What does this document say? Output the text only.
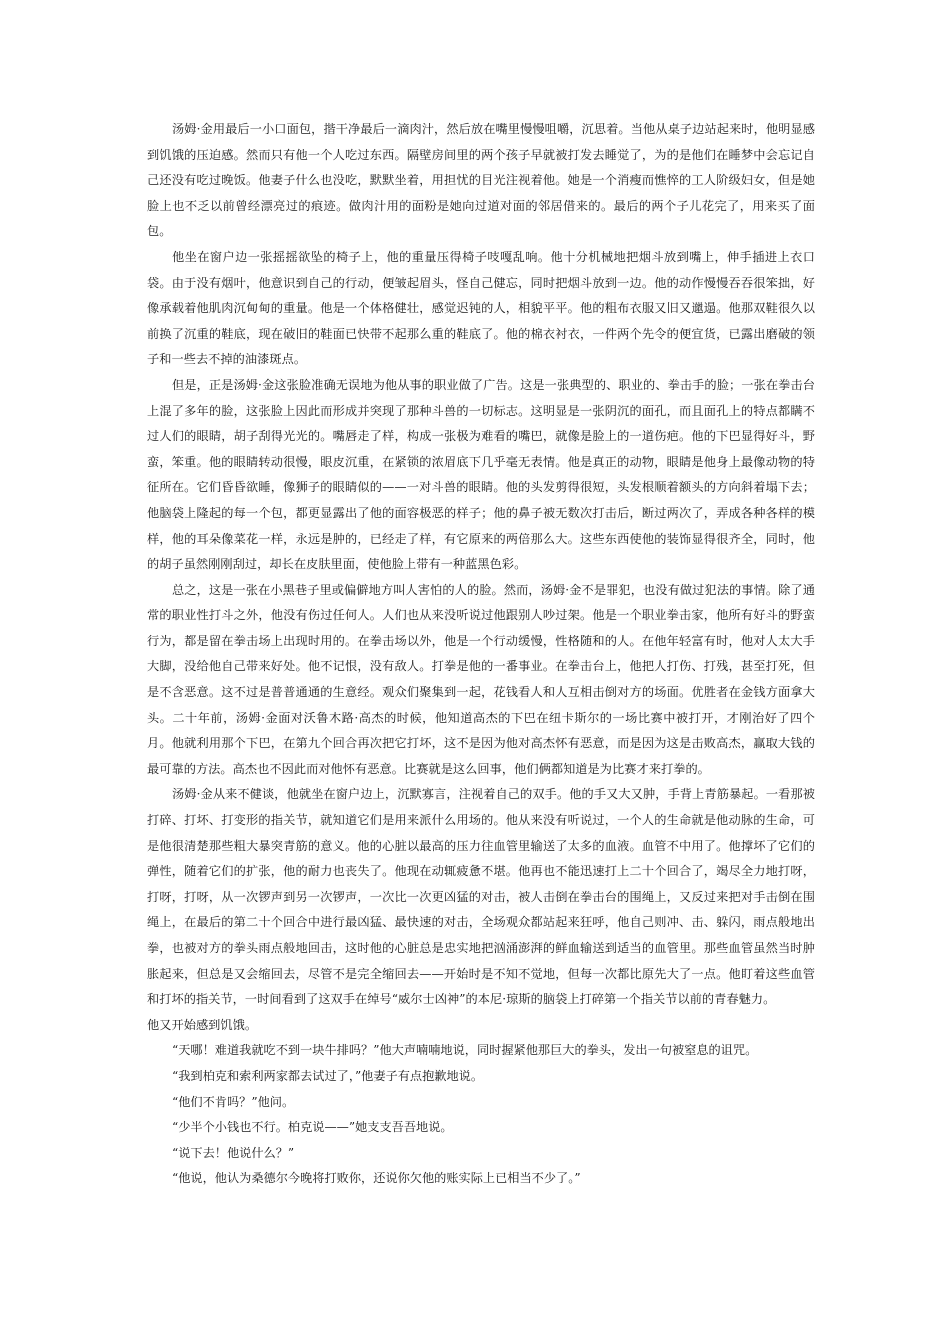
汤姆·金用最后一小口面包，揩干净最后一滴肉汁，然后放在嘴里慢慢咀嚼，沉思着。当他从桌子边站起来时，他明显感到饥饿的压迫感。然而只有他一个人吃过东西。隔壁房间里的两个孩子早就被打发去睡觉了，为的是他们在睡梦中会忘记自己还没有吃过晚饭。他妻子什么也没吃，默默坐着，用担忧的目光注视着他。她是一个消瘦而憔悴的工人阶级妇女，但是她脸上也不乏以前曾经漂亮过的痕迹。做肉汁用的面粉是她向过道对面的邻居借来的。最后的两个子儿花完了，用来买了面包。

他坐在窗户边一张摇摇欲坠的椅子上，他的重量压得椅子吱嘎乱响。他十分机械地把烟斗放到嘴上，伸手插进上衣口袋。由于没有烟叶，他意识到自己的行动，便皱起眉头，怪自己健忘，同时把烟斗放到一边。他的动作慢慢吞吞很笨拙，好像承载着他肌肉沉甸甸的重量。他是一个体格健壮，感觉迟钝的人，相貌平平。他的粗布衣服又旧又邋遢。他那双鞋很久以前换了沉重的鞋底，现在破旧的鞋面已快带不起那么重的鞋底了。他的棉衣衬衣，一件两个先令的便宜货，已露出磨破的领子和一些去不掉的油漆斑点。

但是，正是汤姆·金这张脸准确无误地为他从事的职业做了广告。这是一张典型的、职业的、拳击手的脸；一张在拳击台上混了多年的脸，这张脸上因此而形成并突现了那种斗兽的一切标志。这明显是一张阴沉的面孔，而且面孔上的特点都瞒不过人们的眼睛，胡子刮得光光的。嘴唇走了样，构成一张极为难看的嘴巴，就像是脸上的一道伤疤。他的下巴显得好斗，野蛮，笨重。他的眼睛转动很慢，眼皮沉重，在紧锁的浓眉底下几乎毫无表情。他是真正的动物，眼睛是他身上最像动物的特征所在。它们昏昏欲睡，像狮子的眼睛似的——一对斗兽的眼睛。他的头发剪得很短，头发根顺着额头的方向斜着塌下去；他脑袋上隆起的每一个包，都更显露出了他的面容极恶的样子；他的鼻子被无数次打击后，断过两次了，弄成各种各样的模样，他的耳朵像菜花一样，永远是肿的，已经走了样，有它原来的两倍那么大。这些东西使他的装饰显得很齐全，同时，他的胡子虽然刚刚刮过，却长在皮肤里面，使他脸上带有一种蓝黑色彩。

总之，这是一张在小黑巷子里或偏僻地方叫人害怕的人的脸。然而，汤姆·金不是罪犯，也没有做过犯法的事情。除了通常的职业性打斗之外，他没有伤过任何人。人们也从来没听说过他跟别人吵过架。他是一个职业拳击家，他所有好斗的野蛮行为，都是留在拳击场上出现时用的。在拳击场以外，他是一个行动缓慢，性格随和的人。在他年轻富有时，他对人太大手大脚，没给他自己带来好处。他不记恨，没有敌人。打拳是他的一番事业。在拳击台上，他把人打伤、打残，甚至打死，但是不含恶意。这不过是普普通通的生意经。观众们聚集到一起，花钱看人和人互相击倒对方的场面。优胜者在金钱方面拿大头。二十年前，汤姆·金面对沃鲁木路·高杰的时候，他知道高杰的下巴在纽卡斯尔的一场比赛中被打开，才刚治好了四个月。他就利用那个下巴，在第九个回合再次把它打坏，这不是因为他对高杰怀有恶意，而是因为这是击败高杰，赢取大钱的最可靠的方法。高杰也不因此而对他怀有恶意。比赛就是这么回事，他们俩都知道是为比赛才来打拳的。

汤姆·金从来不健谈，他就坐在窗户边上，沉默寡言，注视着自己的双手。他的手又大又肿，手背上青筋暴起。一看那被打碎、打坏、打变形的指关节，就知道它们是用来派什么用场的。他从来没有听说过，一个人的生命就是他动脉的生命，可是他很清楚那些粗大暴突青筋的意义。他的心脏以最高的压力往血管里输送了太多的血液。血管不中用了。他撑坏了它们的弹性，随着它们的扩张，他的耐力也丧失了。他现在动辄疲惫不堪。他再也不能迅速打上二十个回合了，竭尽全力地打呀，打呀，打呀，从一次锣声到另一次锣声，一次比一次更凶猛的对击，被人击倒在拳击台的围绳上，又反过来把对手击倒在围绳上，在最后的第二十个回合中进行最凶猛、最快速的对击，全场观众都站起来狂呼，他自己则冲、击、躲闪，雨点般地出拳，也被对方的拳头雨点般地回击，这时他的心脏总是忠实地把汹涌澎湃的鲜血输送到适当的血管里。那些血管虽然当时肿胀起来，但总是又会缩回去，尽管不是完全缩回去——开始时是不知不觉地，但每一次都比原先大了一点。他盯着这些血管和打坏的指关节，一时间看到了这双手在绰号“威尔士凶神”的本尼·琼斯的脑袋上打碎第一个指关节以前的青春魅力。

他又开始感到饥饿。

“天哪！难道我就吃不到一块牛排吗？”他大声喃喃地说，同时握紧他那巨大的拳头，发出一句被窒息的诅咒。

“我到柏克和索利两家都去试过了，”他妻子有点抱歉地说。

“他们不肯吗？”他问。

“少半个小钱也不行。柏克说——”她支支吾吾地说。

“说下去！他说什么？”

“他说，他认为桑德尔今晚将打败你，还说你欠他的账实际上已相当不少了。”
